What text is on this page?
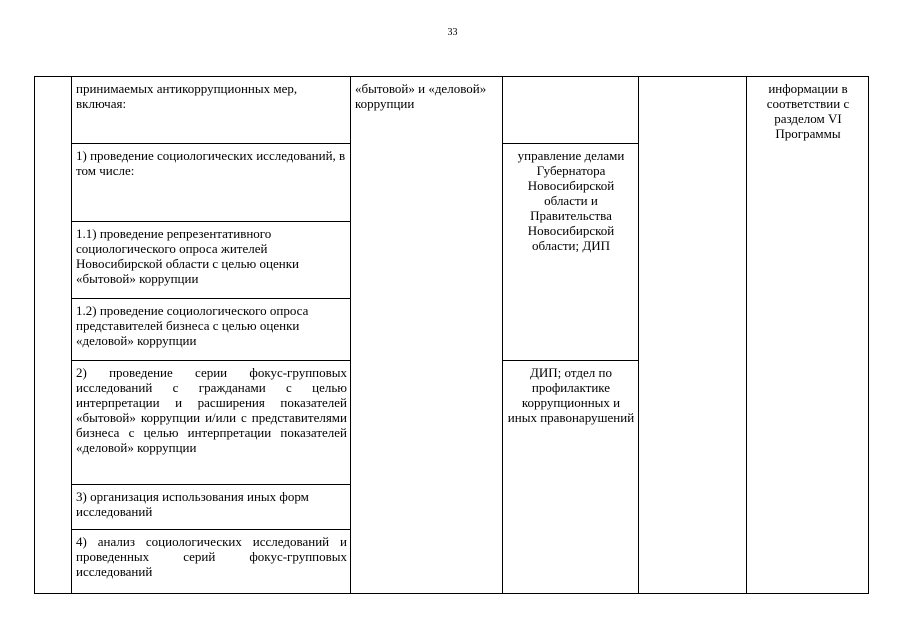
33
	принимаемых антикоррупционных мер, включая:	«бытовой» и «деловой» коррупции			информации в соответствии с разделом VI Программы
	1) проведение социологических исследований, в том числе:		управление делами Губернатора Новосибирской области и Правительства Новосибирской области; ДИП		
	1.1) проведение репрезентативного социологического опроса жителей Новосибирской области с целью оценки «бытовой» коррупции				
	1.2) проведение социологического опроса представителей бизнеса с целью оценки «деловой» коррупции				
	2) проведение серии фокус-групповых исследований с гражданами с целью интерпретации и расширения показателей «бытовой» коррупции и/или с представителями бизнеса с целью интерпретации показателей «деловой» коррупции		ДИП; отдел по профилактике коррупционных и иных правонарушений		
	3) организация использования иных форм исследований				
	4) анализ социологических исследований и проведенных серий фокус-групповых исследований				
